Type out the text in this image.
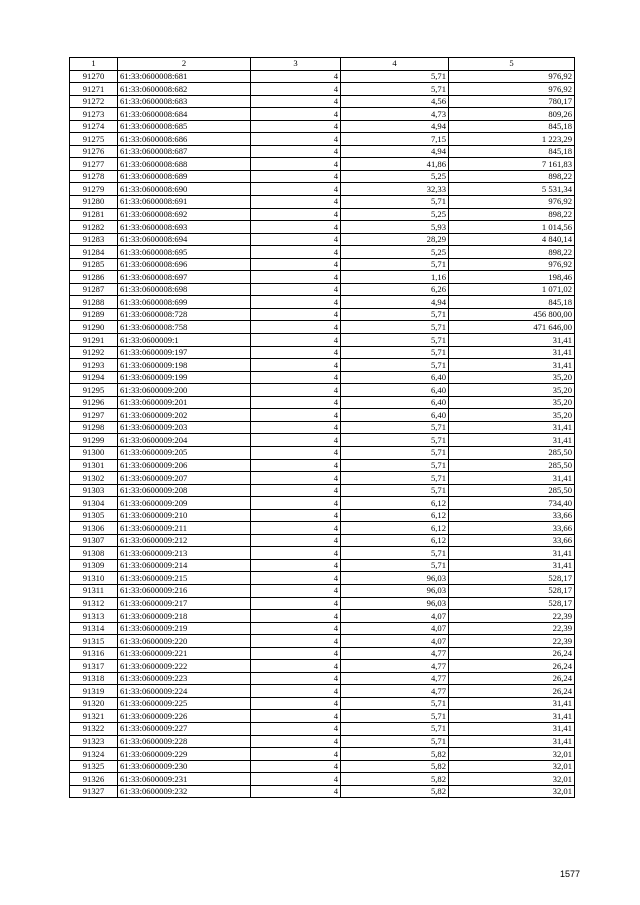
1	2	3	4	5
91270	61:33:0600008:681	4	5,71	976,92
91271	61:33:0600008:682	4	5,71	976,92
91272	61:33:0600008:683	4	4,56	780,17
91273	61:33:0600008:684	4	4,73	809,26
91274	61:33:0600008:685	4	4,94	845,18
91275	61:33:0600008:686	4	7,15	1 223,29
91276	61:33:0600008:687	4	4,94	845,18
91277	61:33:0600008:688	4	41,86	7 161,83
91278	61:33:0600008:689	4	5,25	898,22
91279	61:33:0600008:690	4	32,33	5 531,34
91280	61:33:0600008:691	4	5,71	976,92
91281	61:33:0600008:692	4	5,25	898,22
91282	61:33:0600008:693	4	5,93	1 014,56
91283	61:33:0600008:694	4	28,29	4 840,14
91284	61:33:0600008:695	4	5,25	898,22
91285	61:33:0600008:696	4	5,71	976,92
91286	61:33:0600008:697	4	1,16	198,46
91287	61:33:0600008:698	4	6,26	1 071,02
91288	61:33:0600008:699	4	4,94	845,18
91289	61:33:0600008:728	4	5,71	456 800,00
91290	61:33:0600008:758	4	5,71	471 646,00
91291	61:33:0600009:1	4	5,71	31,41
91292	61:33:0600009:197	4	5,71	31,41
91293	61:33:0600009:198	4	5,71	31,41
91294	61:33:0600009:199	4	6,40	35,20
91295	61:33:0600009:200	4	6,40	35,20
91296	61:33:0600009:201	4	6,40	35,20
91297	61:33:0600009:202	4	6,40	35,20
91298	61:33:0600009:203	4	5,71	31,41
91299	61:33:0600009:204	4	5,71	31,41
91300	61:33:0600009:205	4	5,71	285,50
91301	61:33:0600009:206	4	5,71	285,50
91302	61:33:0600009:207	4	5,71	31,41
91303	61:33:0600009:208	4	5,71	285,50
91304	61:33:0600009:209	4	6,12	734,40
91305	61:33:0600009:210	4	6,12	33,66
91306	61:33:0600009:211	4	6,12	33,66
91307	61:33:0600009:212	4	6,12	33,66
91308	61:33:0600009:213	4	5,71	31,41
91309	61:33:0600009:214	4	5,71	31,41
91310	61:33:0600009:215	4	96,03	528,17
91311	61:33:0600009:216	4	96,03	528,17
91312	61:33:0600009:217	4	96,03	528,17
91313	61:33:0600009:218	4	4,07	22,39
91314	61:33:0600009:219	4	4,07	22,39
91315	61:33:0600009:220	4	4,07	22,39
91316	61:33:0600009:221	4	4,77	26,24
91317	61:33:0600009:222	4	4,77	26,24
91318	61:33:0600009:223	4	4,77	26,24
91319	61:33:0600009:224	4	4,77	26,24
91320	61:33:0600009:225	4	5,71	31,41
91321	61:33:0600009:226	4	5,71	31,41
91322	61:33:0600009:227	4	5,71	31,41
91323	61:33:0600009:228	4	5,71	31,41
91324	61:33:0600009:229	4	5,82	32,01
91325	61:33:0600009:230	4	5,82	32,01
91326	61:33:0600009:231	4	5,82	32,01
91327	61:33:0600009:232	4	5,82	32,01
1577
